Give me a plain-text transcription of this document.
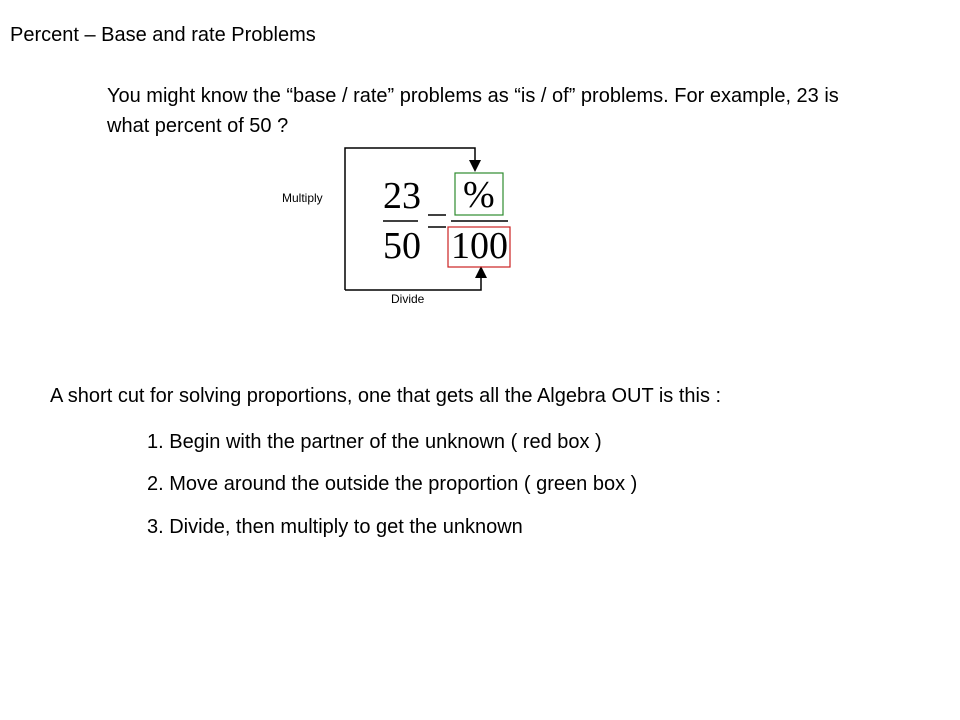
Percent – Base and rate Problems
You might know the “base / rate” problems as “is / of” problems. For example, 23 is what percent of 50 ?
Multiply
Divide
23
50
%
100
A short cut for solving proportions, one that gets all the Algebra OUT is this :
1. Begin with the partner of the unknown ( red box )
2. Move around the outside the proportion ( green box )
3. Divide, then multiply to get the unknown
